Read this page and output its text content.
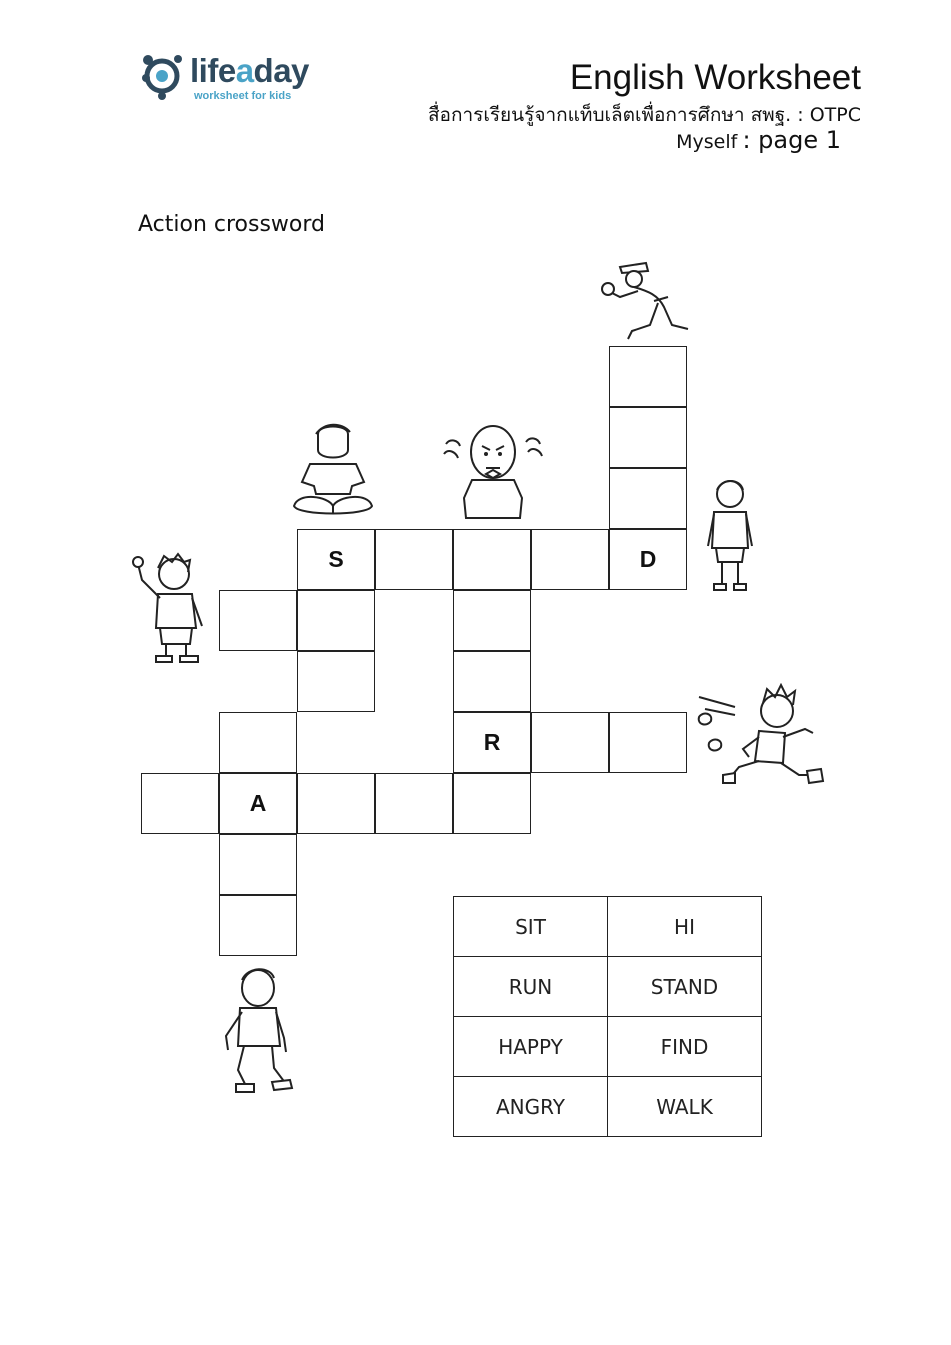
lifeaday
worksheet for kids	English Worksheet
สื่อการเรียนรู้จากแท็บเล็ตเพื่อการศึกษา สพฐ. : OTPC
Myself : page 1
Action crossword
S	D
R
A
SIT	HI
RUN	STAND
HAPPY	FIND
ANGRY	WALK
